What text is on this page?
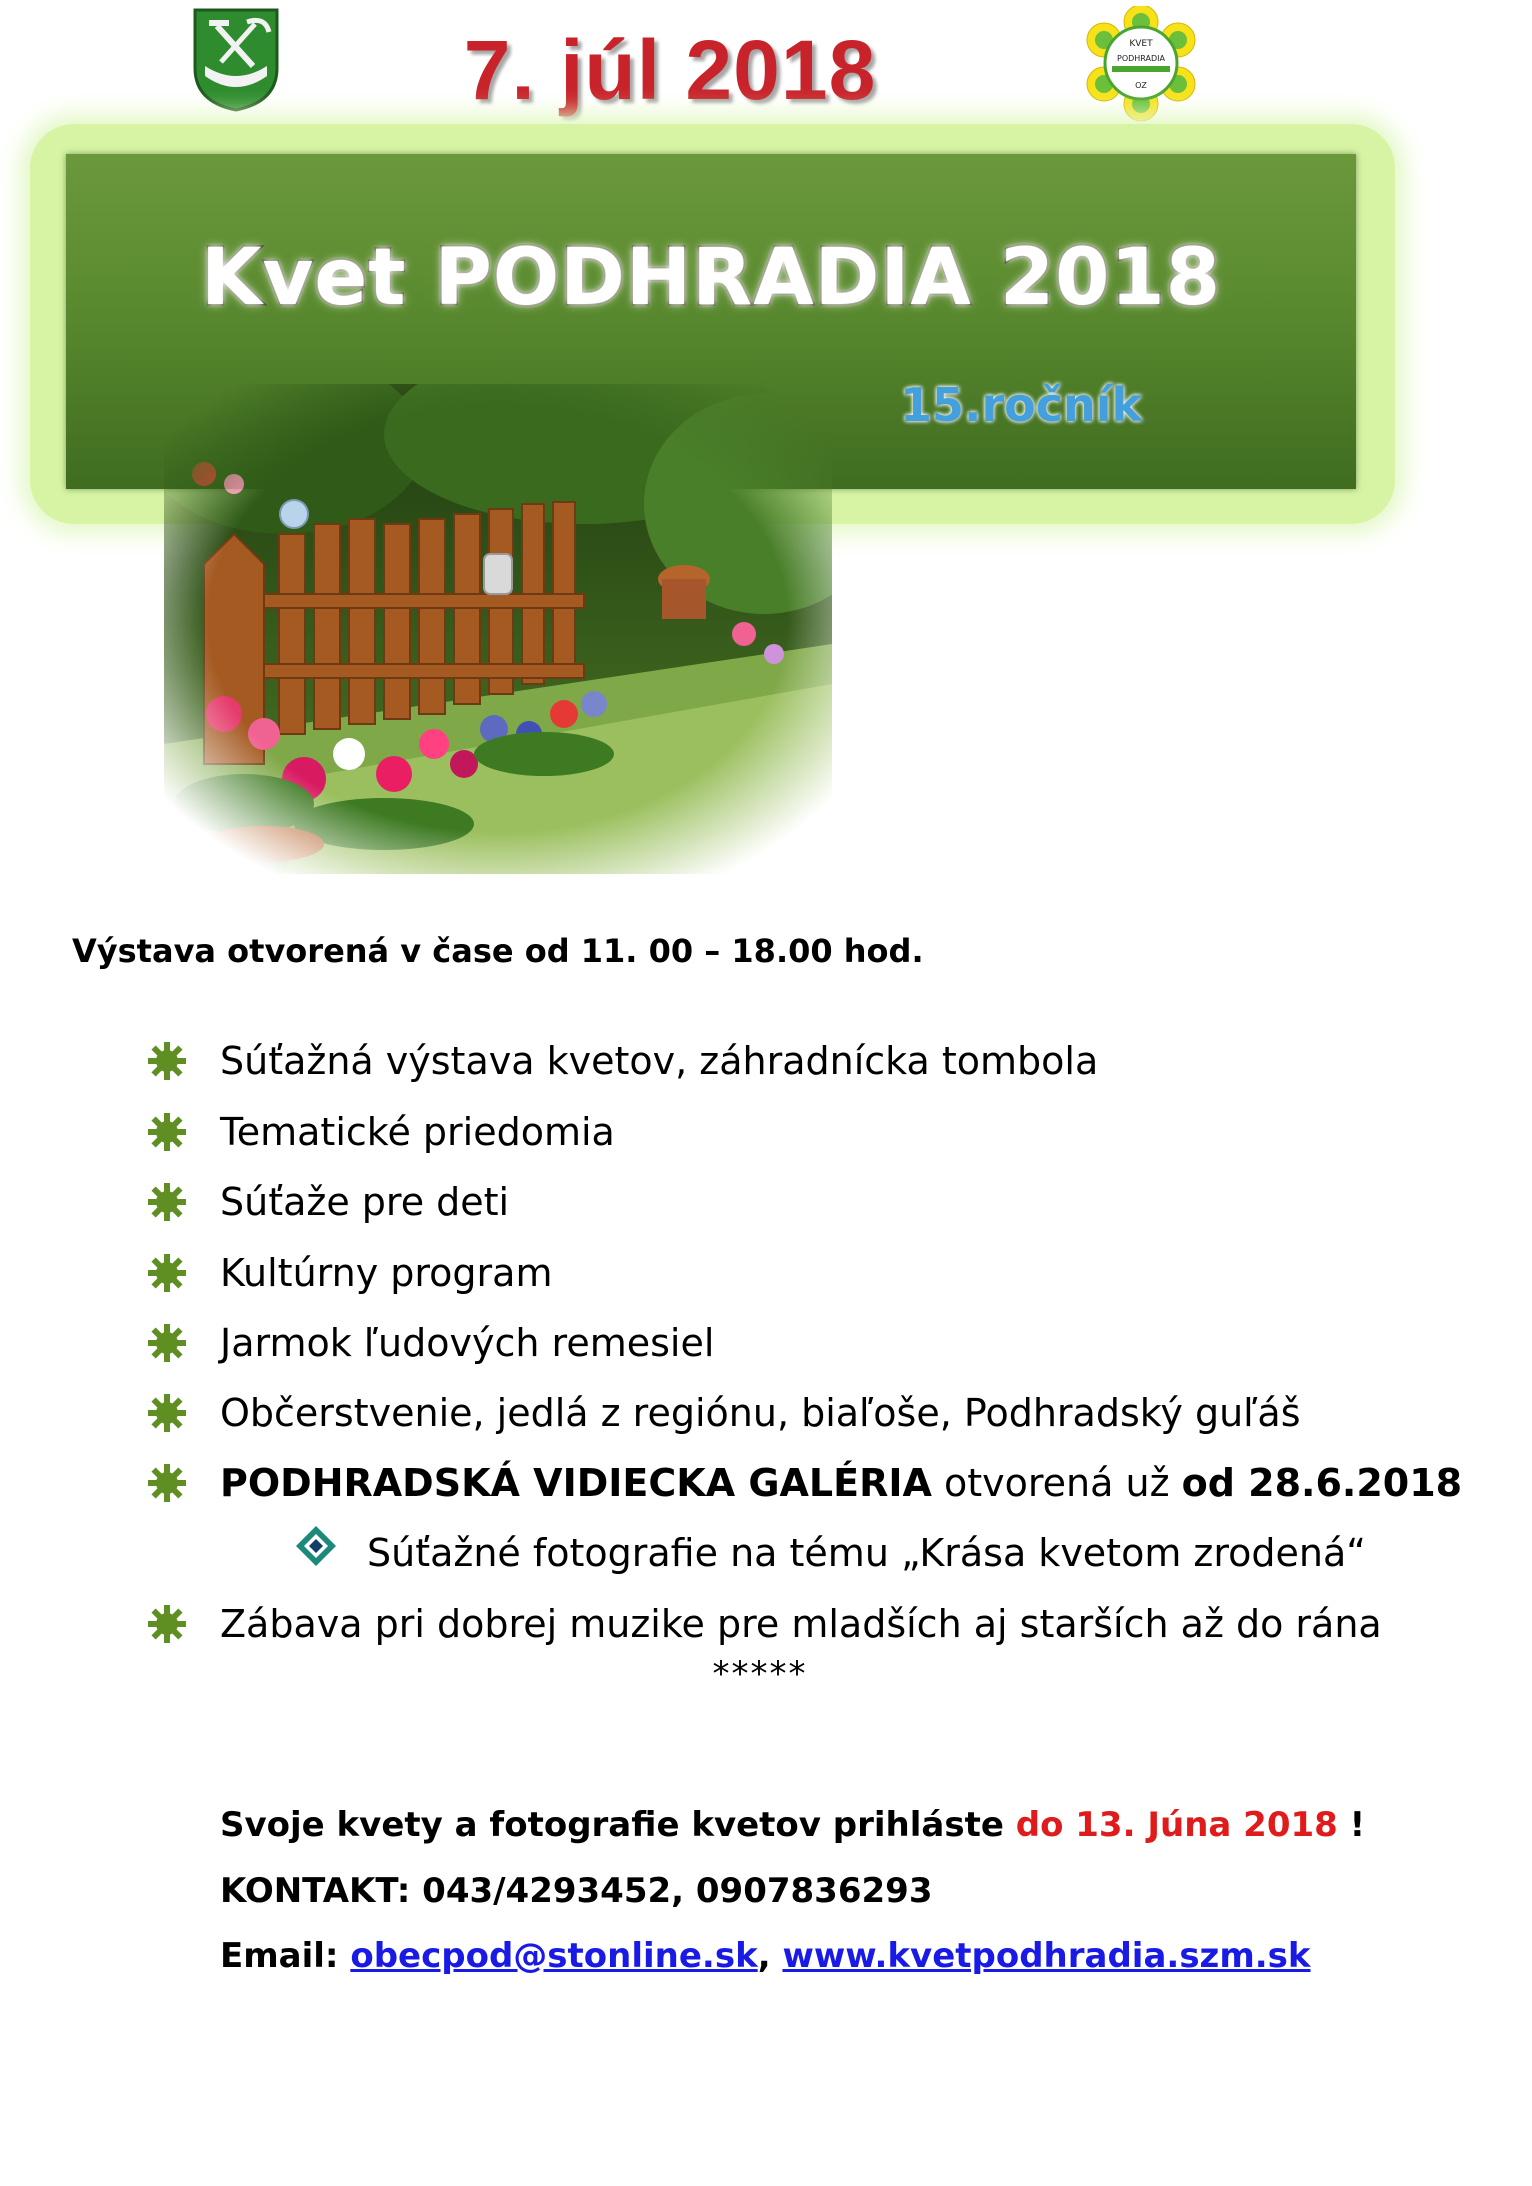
7. júl 2018	KVET
PODHRADIA
OZ
Kvet PODHRADIA 2018
15.ročník
Výstava otvorená v čase od 11. 00 – 18.00 hod.
Súťažná výstava kvetov, záhradnícka tombola
Tematické priedomia
Súťaže pre deti
Kultúrny program
Jarmok ľudových remesiel
Občerstvenie, jedlá z regiónu, biaľoše, Podhradský guľáš
PODHRADSKÁ VIDIECKA GALÉRIA otvorená už od 28.6.2018
Súťažné fotografie na tému „Krása kvetom zrodená“
Zábava pri dobrej muzike pre mladších aj starších až do rána
*****
Svoje kvety a fotografie kvetov prihláste do 13. Júna 2018 !
KONTAKT: 043/4293452, 0907836293
Email: obecpod@stonline.sk, www.kvetpodhradia.szm.sk
